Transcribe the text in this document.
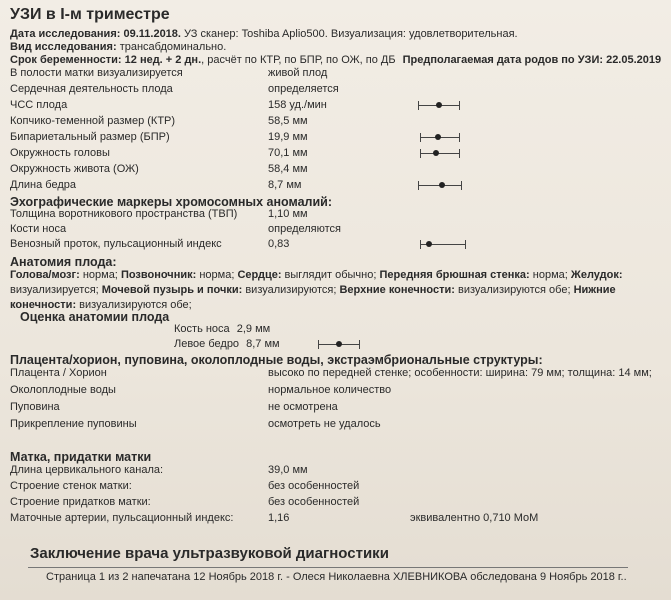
УЗИ в I-м триместре
Дата исследования: 09.11.2018. УЗ сканер: Toshiba Aplio500. Визуализация: удовлетворительная.
Вид исследования: трансабдоминально.
Срок беременности: 12 нед. + 2 дн., расчёт по КТР, по БПР, по ОЖ, по ДБ Предполагаемая дата родов по УЗИ: 22.05.2019
В полости матки визуализируется	живой плод
Сердечная деятельность плода	определяется
ЧСС плода	158 уд./мин
Копчико-теменной размер (КТР)	58,5 мм
Бипариетальный размер (БПР)	19,9 мм
Окружность головы	70,1 мм
Окружность живота (ОЖ)	58,4 мм
Длина бедра	8,7 мм
Эхографические маркеры хромосомных аномалий:
Толщина воротникового пространства (ТВП)	1,10 мм
Кости носа	определяются
Венозный проток, пульсационный индекс	0,83
Анатомия плода:
Голова/мозг: норма; Позвоночник: норма; Сердце: выглядит обычно; Передняя брюшная стенка: норма; Желудок: визуализируется; Мочевой пузырь и почки: визуализируются; Верхние конечности: визуализируются обе; Нижние конечности: визуализируются обе;
Оценка анатомии плода
Кость носа 2,9 мм
Левое бедро 8,7 мм
Плацента/хорион, пуповина, околоплодные воды, экстраэмбриональные структуры:
Плацента / Хорион	высоко по передней стенке; особенности: ширина: 79 мм; толщина: 14 мм;
Околоплодные воды	нормальное количество
Пуповина	не осмотрена
Прикрепление пуповины	осмотреть не удалось
Матка, придатки матки
Длина цервикального канала:	39,0 мм
Строение стенок матки:	без особенностей
Строение придатков матки:	без особенностей
Маточные артерии, пульсационный индекс:	1,16	эквивалентно 0,710 МоМ
Заключение врача ультразвуковой диагностики
Страница 1 из 2 напечатана 12 Ноябрь 2018 г. - Олеся Николаевна ХЛЕВНИКОВА обследована 9 Ноябрь 2018 г..
